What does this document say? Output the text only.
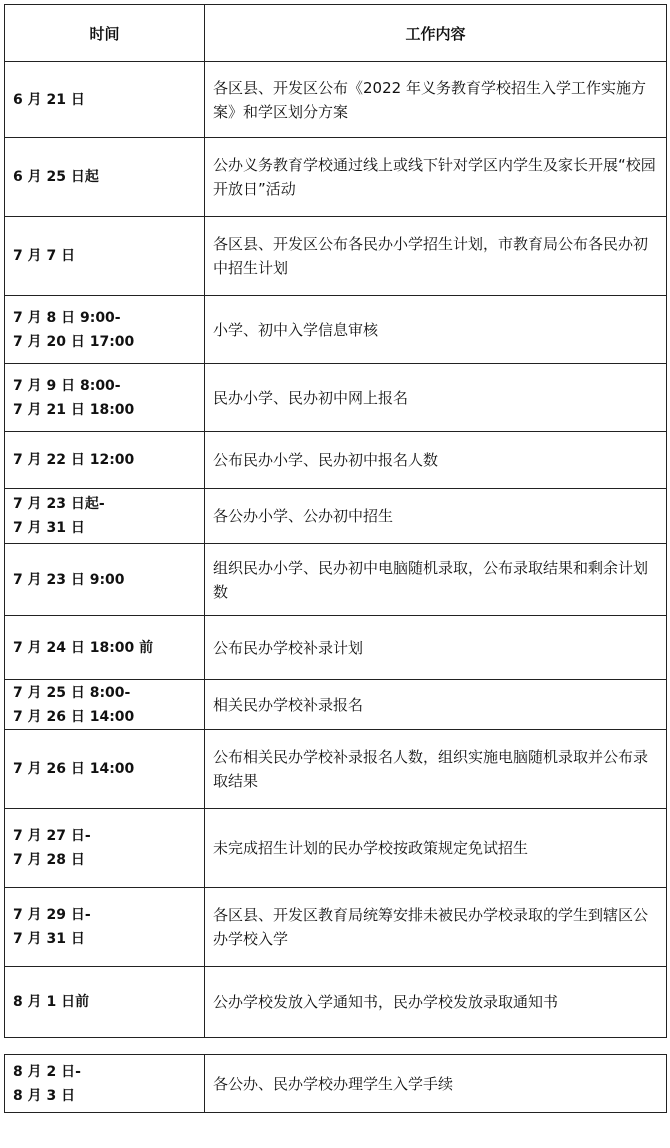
时间	工作内容
6 月 21 日	各区县、开发区公布《2022 年义务教育学校招生入学工作实施方案》和学区划分方案
6 月 25 日起	公办义务教育学校通过线上或线下针对学区内学生及家长开展“校园开放日”活动
7 月 7 日	各区县、开发区公布各民办小学招生计划，市教育局公布各民办初中招生计划
7 月 8 日 9:00-
7 月 20 日 17:00	小学、初中入学信息审核
7 月 9 日 8:00-
7 月 21 日 18:00	民办小学、民办初中网上报名
7 月 22 日 12:00	公布民办小学、民办初中报名人数
7 月 23 日起-
7 月 31 日	各公办小学、公办初中招生
7 月 23 日 9:00	组织民办小学、民办初中电脑随机录取，公布录取结果和剩余计划数
7 月 24 日 18:00 前	公布民办学校补录计划
7 月 25 日 8:00-
7 月 26 日 14:00	相关民办学校补录报名
7 月 26 日 14:00	公布相关民办学校补录报名人数，组织实施电脑随机录取并公布录取结果
7 月 27 日-
7 月 28 日	未完成招生计划的民办学校按政策规定免试招生
7 月 29 日-
7 月 31 日	各区县、开发区教育局统筹安排未被民办学校录取的学生到辖区公办学校入学
8 月 1 日前	公办学校发放入学通知书，民办学校发放录取通知书
8 月 2 日-
8 月 3 日	各公办、民办学校办理学生入学手续
